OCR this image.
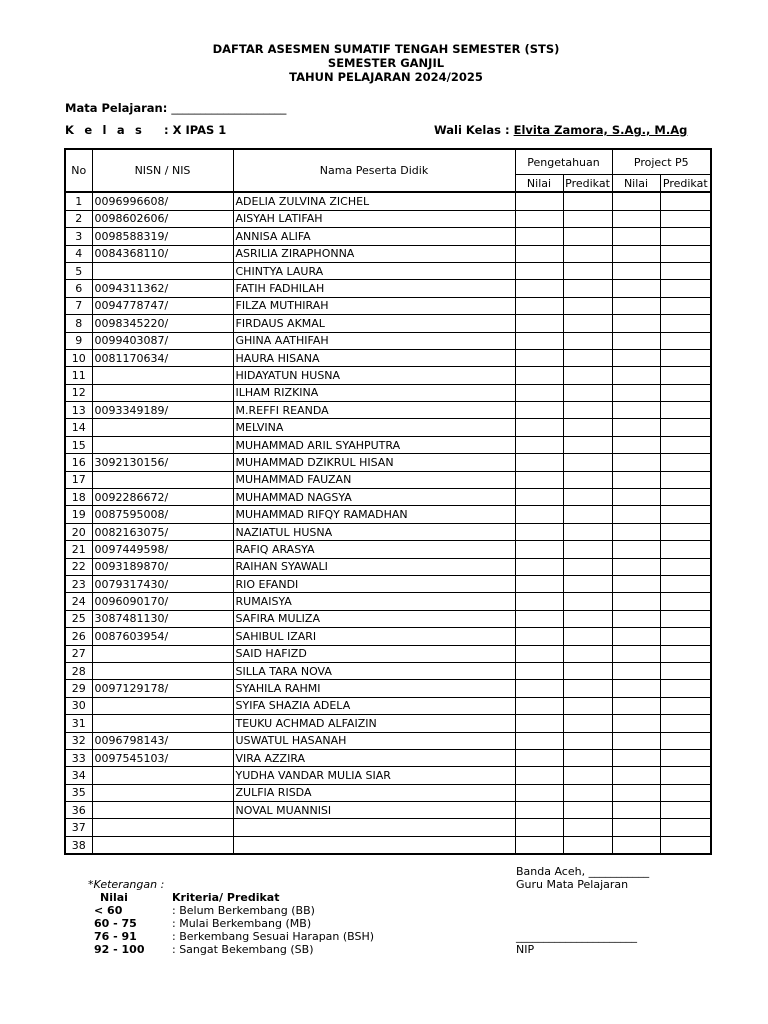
DAFTAR ASESMEN SUMATIF TENGAH SEMESTER (STS)
SEMESTER GANJIL
TAHUN PELAJARAN 2024/2025
Mata Pelajaran: ____________________
K e l a s : X IPAS 1	Wali Kelas : Elvita Zamora, S.Ag., M.Ag
No	NISN / NIS	Nama Peserta Didik	Pengetahuan		Project P5	
			Nilai	Predikat	Nilai	Predikat
1	0096996608/	ADELIA ZULVINA ZICHEL				
2	0098602606/	AISYAH LATIFAH				
3	0098588319/	ANNISA ALIFA				
4	0084368110/	ASRILIA ZIRAPHONNA				
5		CHINTYA LAURA				
6	0094311362/	FATIH FADHILAH				
7	0094778747/	FILZA MUTHIRAH				
8	0098345220/	FIRDAUS AKMAL				
9	0099403087/	GHINA AATHIFAH				
10	0081170634/	HAURA HISANA				
11		HIDAYATUN HUSNA				
12		ILHAM RIZKINA				
13	0093349189/	M.REFFI REANDA				
14		MELVINA				
15		MUHAMMAD ARIL SYAHPUTRA				
16	3092130156/	MUHAMMAD DZIKRUL HISAN				
17		MUHAMMAD FAUZAN				
18	0092286672/	MUHAMMAD NAGSYA				
19	0087595008/	MUHAMMAD RIFQY RAMADHAN				
20	0082163075/	NAZIATUL HUSNA				
21	0097449598/	RAFIQ ARASYA				
22	0093189870/	RAIHAN SYAWALI				
23	0079317430/	RIO EFANDI				
24	0096090170/	RUMAISYA				
25	3087481130/	SAFIRA MULIZA				
26	0087603954/	SAHIBUL IZARI				
27		SAID HAFIZD				
28		SILLA TARA NOVA				
29	0097129178/	SYAHILA RAHMI				
30		SYIFA SHAZIA ADELA				
31		TEUKU ACHMAD ALFAIZIN				
32	0096798143/	USWATUL HASANAH				
33	0097545103/	VIRA AZZIRA				
34		YUDHA VANDAR MULIA SIAR				
35		ZULFIA RISDA				
36		NOVAL MUANNISI				
37						
38						
*Keterangan :
Nilai	Kriteria/ Predikat
< 60	: Belum Berkembang (BB)
60 - 75	: Mulai Berkembang (MB)
76 - 91	: Berkembang Sesuai Harapan (BSH)
92 - 100	: Sangat Bekembang (SB)
Banda Aceh, ___________
Guru Mata Pelajaran
______________________
NIP
